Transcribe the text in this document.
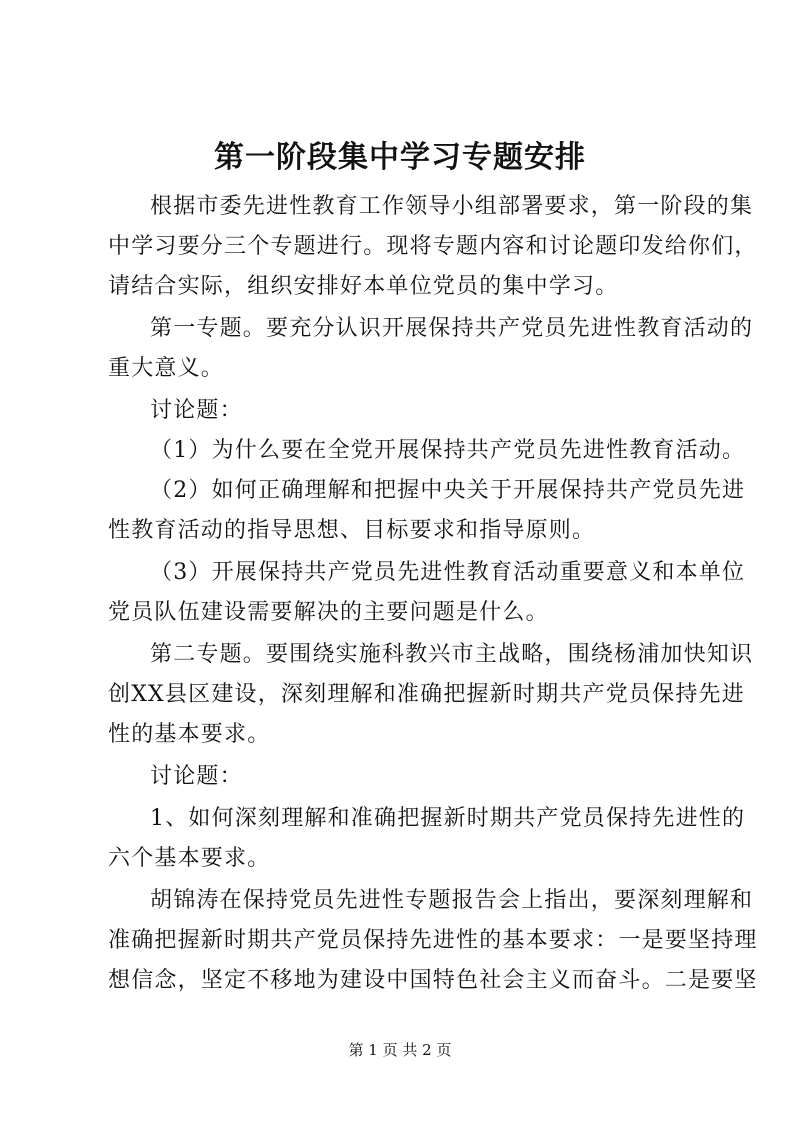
第一阶段集中学习专题安排

根据市委先进性教育工作领导小组部署要求，第一阶段的集

中学习要分三个专题进行。现将专题内容和讨论题印发给你们，

请结合实际，组织安排好本单位党员的集中学习。

第一专题。要充分认识开展保持共产党员先进性教育活动的

重大意义。

讨论题：

（1）为什么要在全党开展保持共产党员先进性教育活动。

（2）如何正确理解和把握中央关于开展保持共产党员先进

性教育活动的指导思想、目标要求和指导原则。

（3）开展保持共产党员先进性教育活动重要意义和本单位

党员队伍建设需要解决的主要问题是什么。

第二专题。要围绕实施科教兴市主战略，围绕杨浦加快知识

创XX县区建设，深刻理解和准确把握新时期共产党员保持先进

性的基本要求。

讨论题：

1、如何深刻理解和准确把握新时期共产党员保持先进性的

六个基本要求。

胡锦涛在保持党员先进性专题报告会上指出，要深刻理解和

准确把握新时期共产党员保持先进性的基本要求：一是要坚持理

想信念，坚定不移地为建设中国特色社会主义而奋斗。二是要坚

第 1 页 共 2 页
